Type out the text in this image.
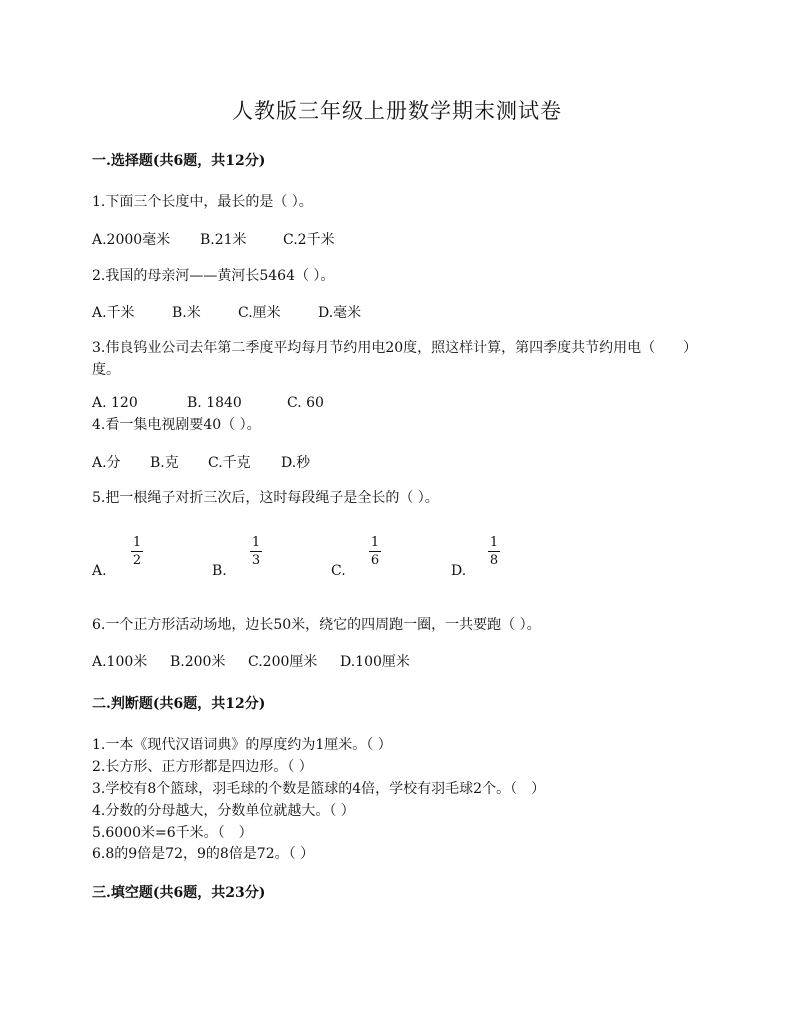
人教版三年级上册数学期末测试卷
一.选择题(共6题，共12分)
1.下面三个长度中，最长的是（ ）。
A.2000毫米 B.21米	C.2千米
2.我国的母亲河——黄河长5464（ ）。
A.千米	B.米	C.厘米	D.毫米
3.伟良钨业公司去年第二季度平均每月节约用电20度，照这样计算，第四季度共节约用电（　　）度。
A. 120	B. 1840	C. 60
4.看一集电视剧要40（ ）。
A.分 B.克 C.千克 D.秒
5.把一根绳子对折三次后，这时每段绳子是全长的（ ）。
A.
1
2
B.
1
3
C.
1
6
D.
1
8
6.一个正方形活动场地，边长50米，绕它的四周跑一圈，一共要跑（ ）。
A.100米 B.200米 C.200厘米 D.100厘米
二.判断题(共6题，共12分)
1.一本《现代汉语词典》的厚度约为1厘米。（ ）
2.长方形、正方形都是四边形。（ ）
3.学校有8个篮球，羽毛球的个数是篮球的4倍，学校有羽毛球2个。（　）
4.分数的分母越大，分数单位就越大。（ ）
5.6000米=6千米。（　）
6.8的9倍是72，9的8倍是72。（ ）
三.填空题(共6题，共23分)
